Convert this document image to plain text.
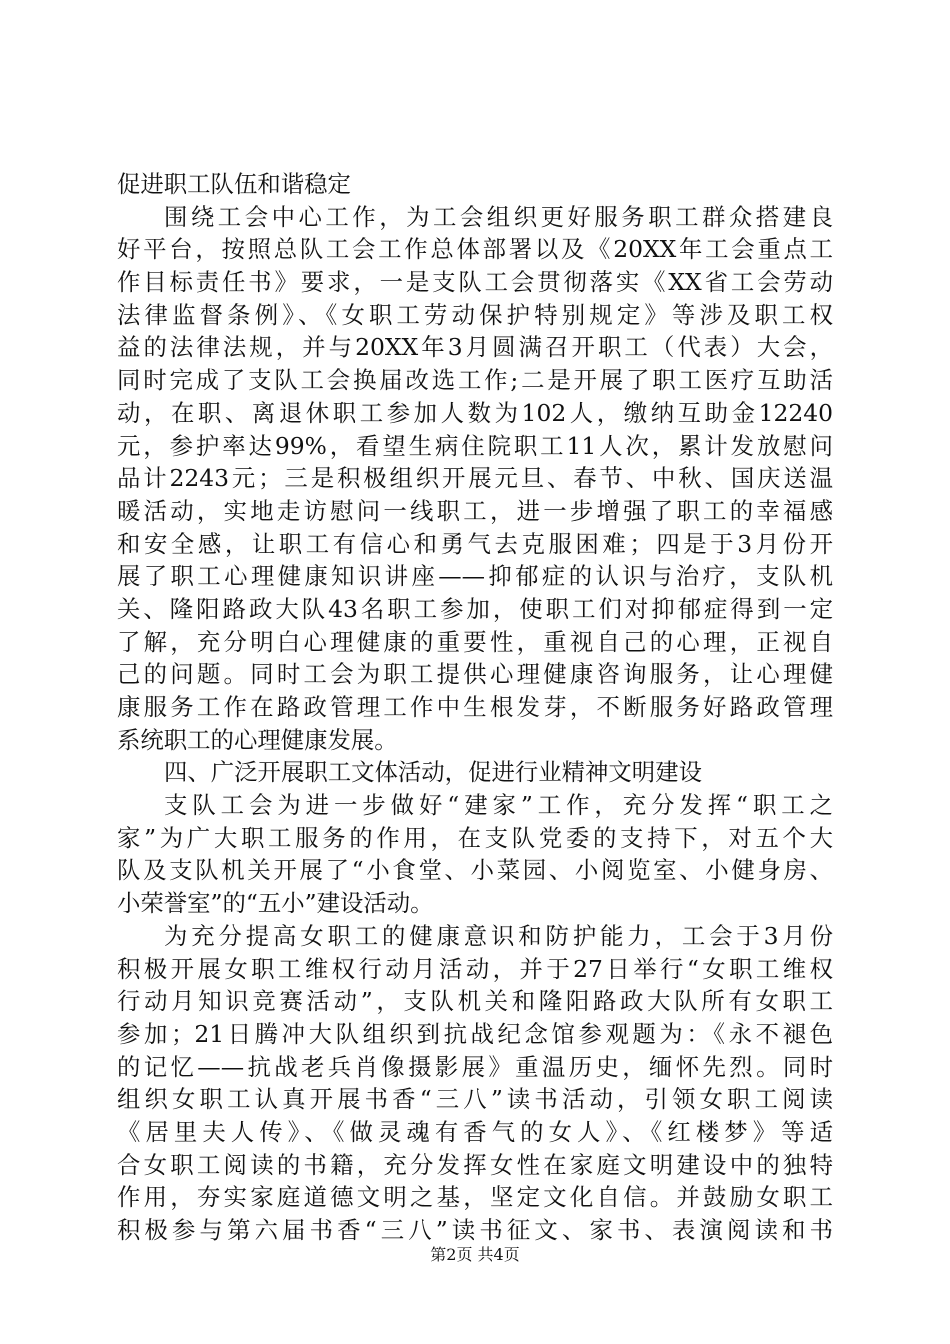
促进职工队伍和谐稳定
围绕工会中心工作，为工会组织更好服务职工群众搭建良
好平台，按照总队工会工作总体部署以及《20XX年工会重点工
作目标责任书》要求，一是支队工会贯彻落实《XX省工会劳动
法律监督条例》、《女职工劳动保护特别规定》等涉及职工权
益的法律法规，并与20XX年3月圆满召开职工（代表）大会，
同时完成了支队工会换届改选工作;二是开展了职工医疗互助活
动，在职、离退休职工参加人数为102人，缴纳互助金12240
元，参护率达99%，看望生病住院职工11人次，累计发放慰问
品计2243元；三是积极组织开展元旦、春节、中秋、国庆送温
暖活动，实地走访慰问一线职工，进一步增强了职工的幸福感
和安全感，让职工有信心和勇气去克服困难；四是于3月份开
展了职工心理健康知识讲座——抑郁症的认识与治疗，支队机
关、隆阳路政大队43名职工参加，使职工们对抑郁症得到一定
了解，充分明白心理健康的重要性，重视自己的心理，正视自
己的问题。同时工会为职工提供心理健康咨询服务，让心理健
康服务工作在路政管理工作中生根发芽，不断服务好路政管理
系统职工的心理健康发展。
四、广泛开展职工文体活动，促进行业精神文明建设
支队工会为进一步做好“建家”工作，充分发挥“职工之
家”为广大职工服务的作用，在支队党委的支持下，对五个大
队及支队机关开展了“小食堂、小菜园、小阅览室、小健身房、
小荣誉室”的“五小”建设活动。
为充分提高女职工的健康意识和防护能力，工会于3月份
积极开展女职工维权行动月活动，并于27日举行“女职工维权
行动月知识竞赛活动”，支队机关和隆阳路政大队所有女职工
参加；21日腾冲大队组织到抗战纪念馆参观题为：《永不褪色
的记忆——抗战老兵肖像摄影展》重温历史，缅怀先烈。同时
组织女职工认真开展书香“三八”读书活动，引领女职工阅读
《居里夫人传》、《做灵魂有香气的女人》、《红楼梦》等适
合女职工阅读的书籍，充分发挥女性在家庭文明建设中的独特
作用，夯实家庭道德文明之基，坚定文化自信。并鼓励女职工
积极参与第六届书香“三八”读书征文、家书、表演阅读和书
第2页 共4页
